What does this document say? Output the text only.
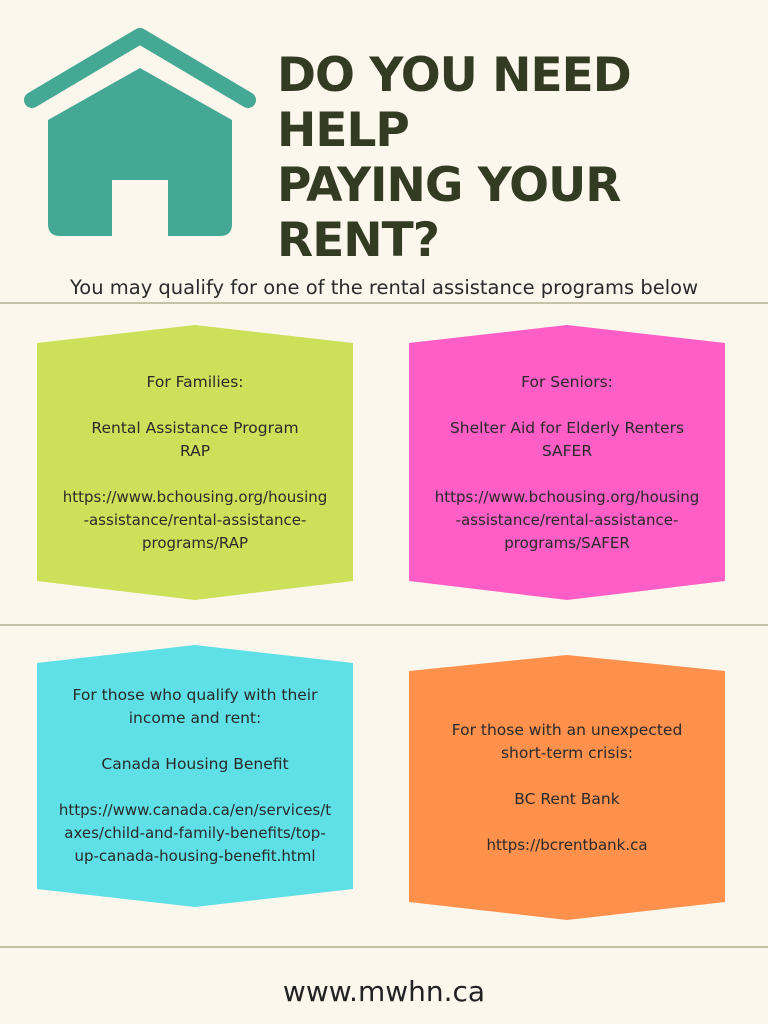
DO YOU NEED HELP
PAYING YOUR
RENT?
You may qualify for one of the rental assistance programs below

For Families:

Rental Assistance Program

RAP

https://www.bchousing.org/housing

-assistance/rental-assistance-

programs/RAP

For Seniors:

Shelter Aid for Elderly Renters

SAFER

https://www.bchousing.org/housing

-assistance/rental-assistance-

programs/SAFER

For those who qualify with their

income and rent:

Canada Housing Benefit

https://www.canada.ca/en/services/t

axes/child-and-family-benefits/top-

up-canada-housing-benefit.html

For those with an unexpected

short-term crisis:

BC Rent Bank

https://bcrentbank.ca

www.mwhn.ca
